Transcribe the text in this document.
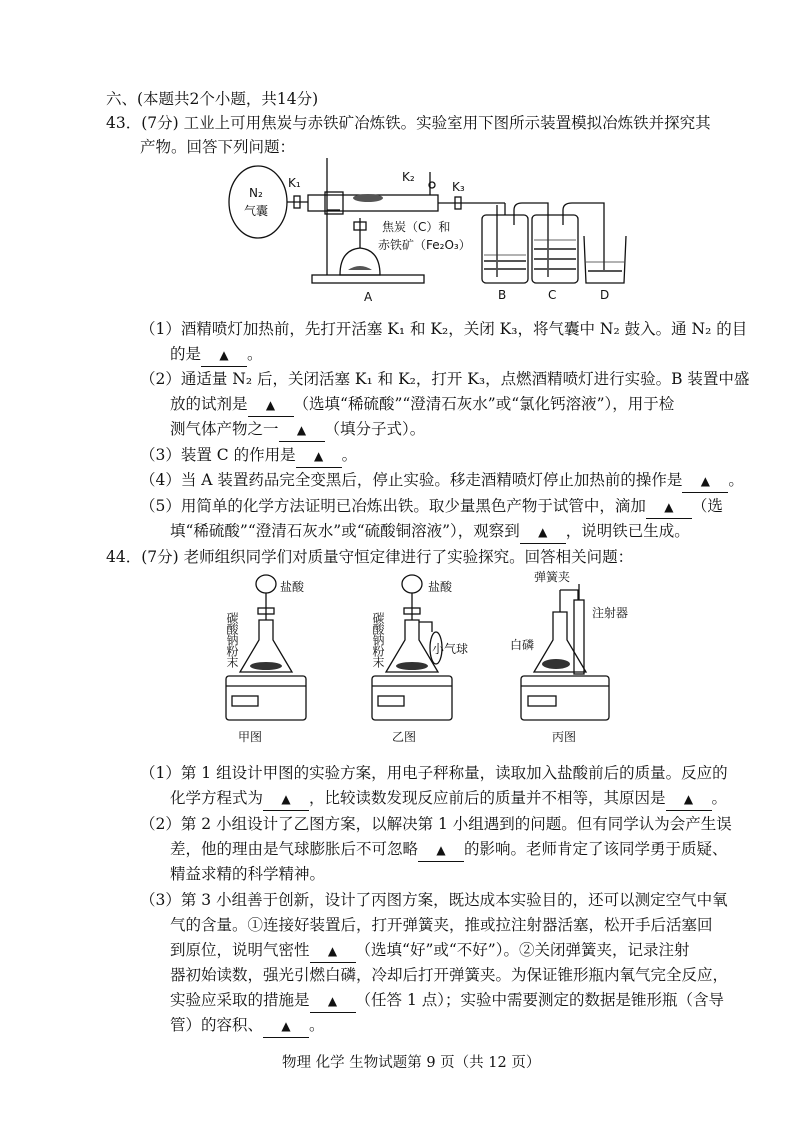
六、(本题共2个小题，共14分)
43．(7分) 工业上可用焦炭与赤铁矿冶炼铁。实验室用下图所示装置模拟冶炼铁并探究其
产物。回答下列问题：
N₂
气囊
K₁	K₂
K₃
焦炭（C）和
赤铁矿（Fe₂O₃）
A	B	C	D
（1）酒精喷灯加热前，先打开活塞 K₁ 和 K₂，关闭 K₃，将气囊中 N₂ 鼓入。通 N₂ 的目
的是 ▲ 。
（2）通适量 N₂ 后，关闭活塞 K₁ 和 K₂，打开 K₃，点燃酒精喷灯进行实验。B 装置中盛
放的试剂是 ▲ （选填“稀硫酸”“澄清石灰水”或“氯化钙溶液”），用于检
测气体产物之一 ▲ （填分子式）。
（3）装置 C 的作用是 ▲ 。
（4）当 A 装置药品完全变黑后，停止实验。移走酒精喷灯停止加热前的操作是 ▲ 。
（5）用简单的化学方法证明已冶炼出铁。取少量黑色产物于试管中，滴加 ▲ （选
填“稀硫酸”“澄清石灰水”或“硫酸铜溶液”），观察到 ▲ ，说明铁已生成。
44．(7分) 老师组织同学们对质量守恒定律进行了实验探究。回答相关问题：
盐酸
碳酸钠粉末
盐酸
碳酸钠粉末	小气球
弹簧夹
注射器
白磷
甲图	乙图	丙图
（1）第 1 组设计甲图的实验方案，用电子秤称量，读取加入盐酸前后的质量。反应的
化学方程式为 ▲ ，比较读数发现反应前后的质量并不相等，其原因是 ▲ 。
（2）第 2 小组设计了乙图方案，以解决第 1 小组遇到的问题。但有同学认为会产生误
差，他的理由是气球膨胀后不可忽略 ▲ 的影响。老师肯定了该同学勇于质疑、
精益求精的科学精神。
（3）第 3 小组善于创新，设计了丙图方案，既达成本实验目的，还可以测定空气中氧
气的含量。①连接好装置后，打开弹簧夹，推或拉注射器活塞，松开手后活塞回
到原位，说明气密性 ▲ （选填“好”或“不好”）。②关闭弹簧夹，记录注射
器初始读数，强光引燃白磷，冷却后打开弹簧夹。为保证锥形瓶内氧气完全反应，
实验应采取的措施是 ▲ （任答 1 点）；实验中需要测定的数据是锥形瓶（含导
管）的容积、 ▲ 。
物理 化学 生物试题第 9 页（共 12 页）
